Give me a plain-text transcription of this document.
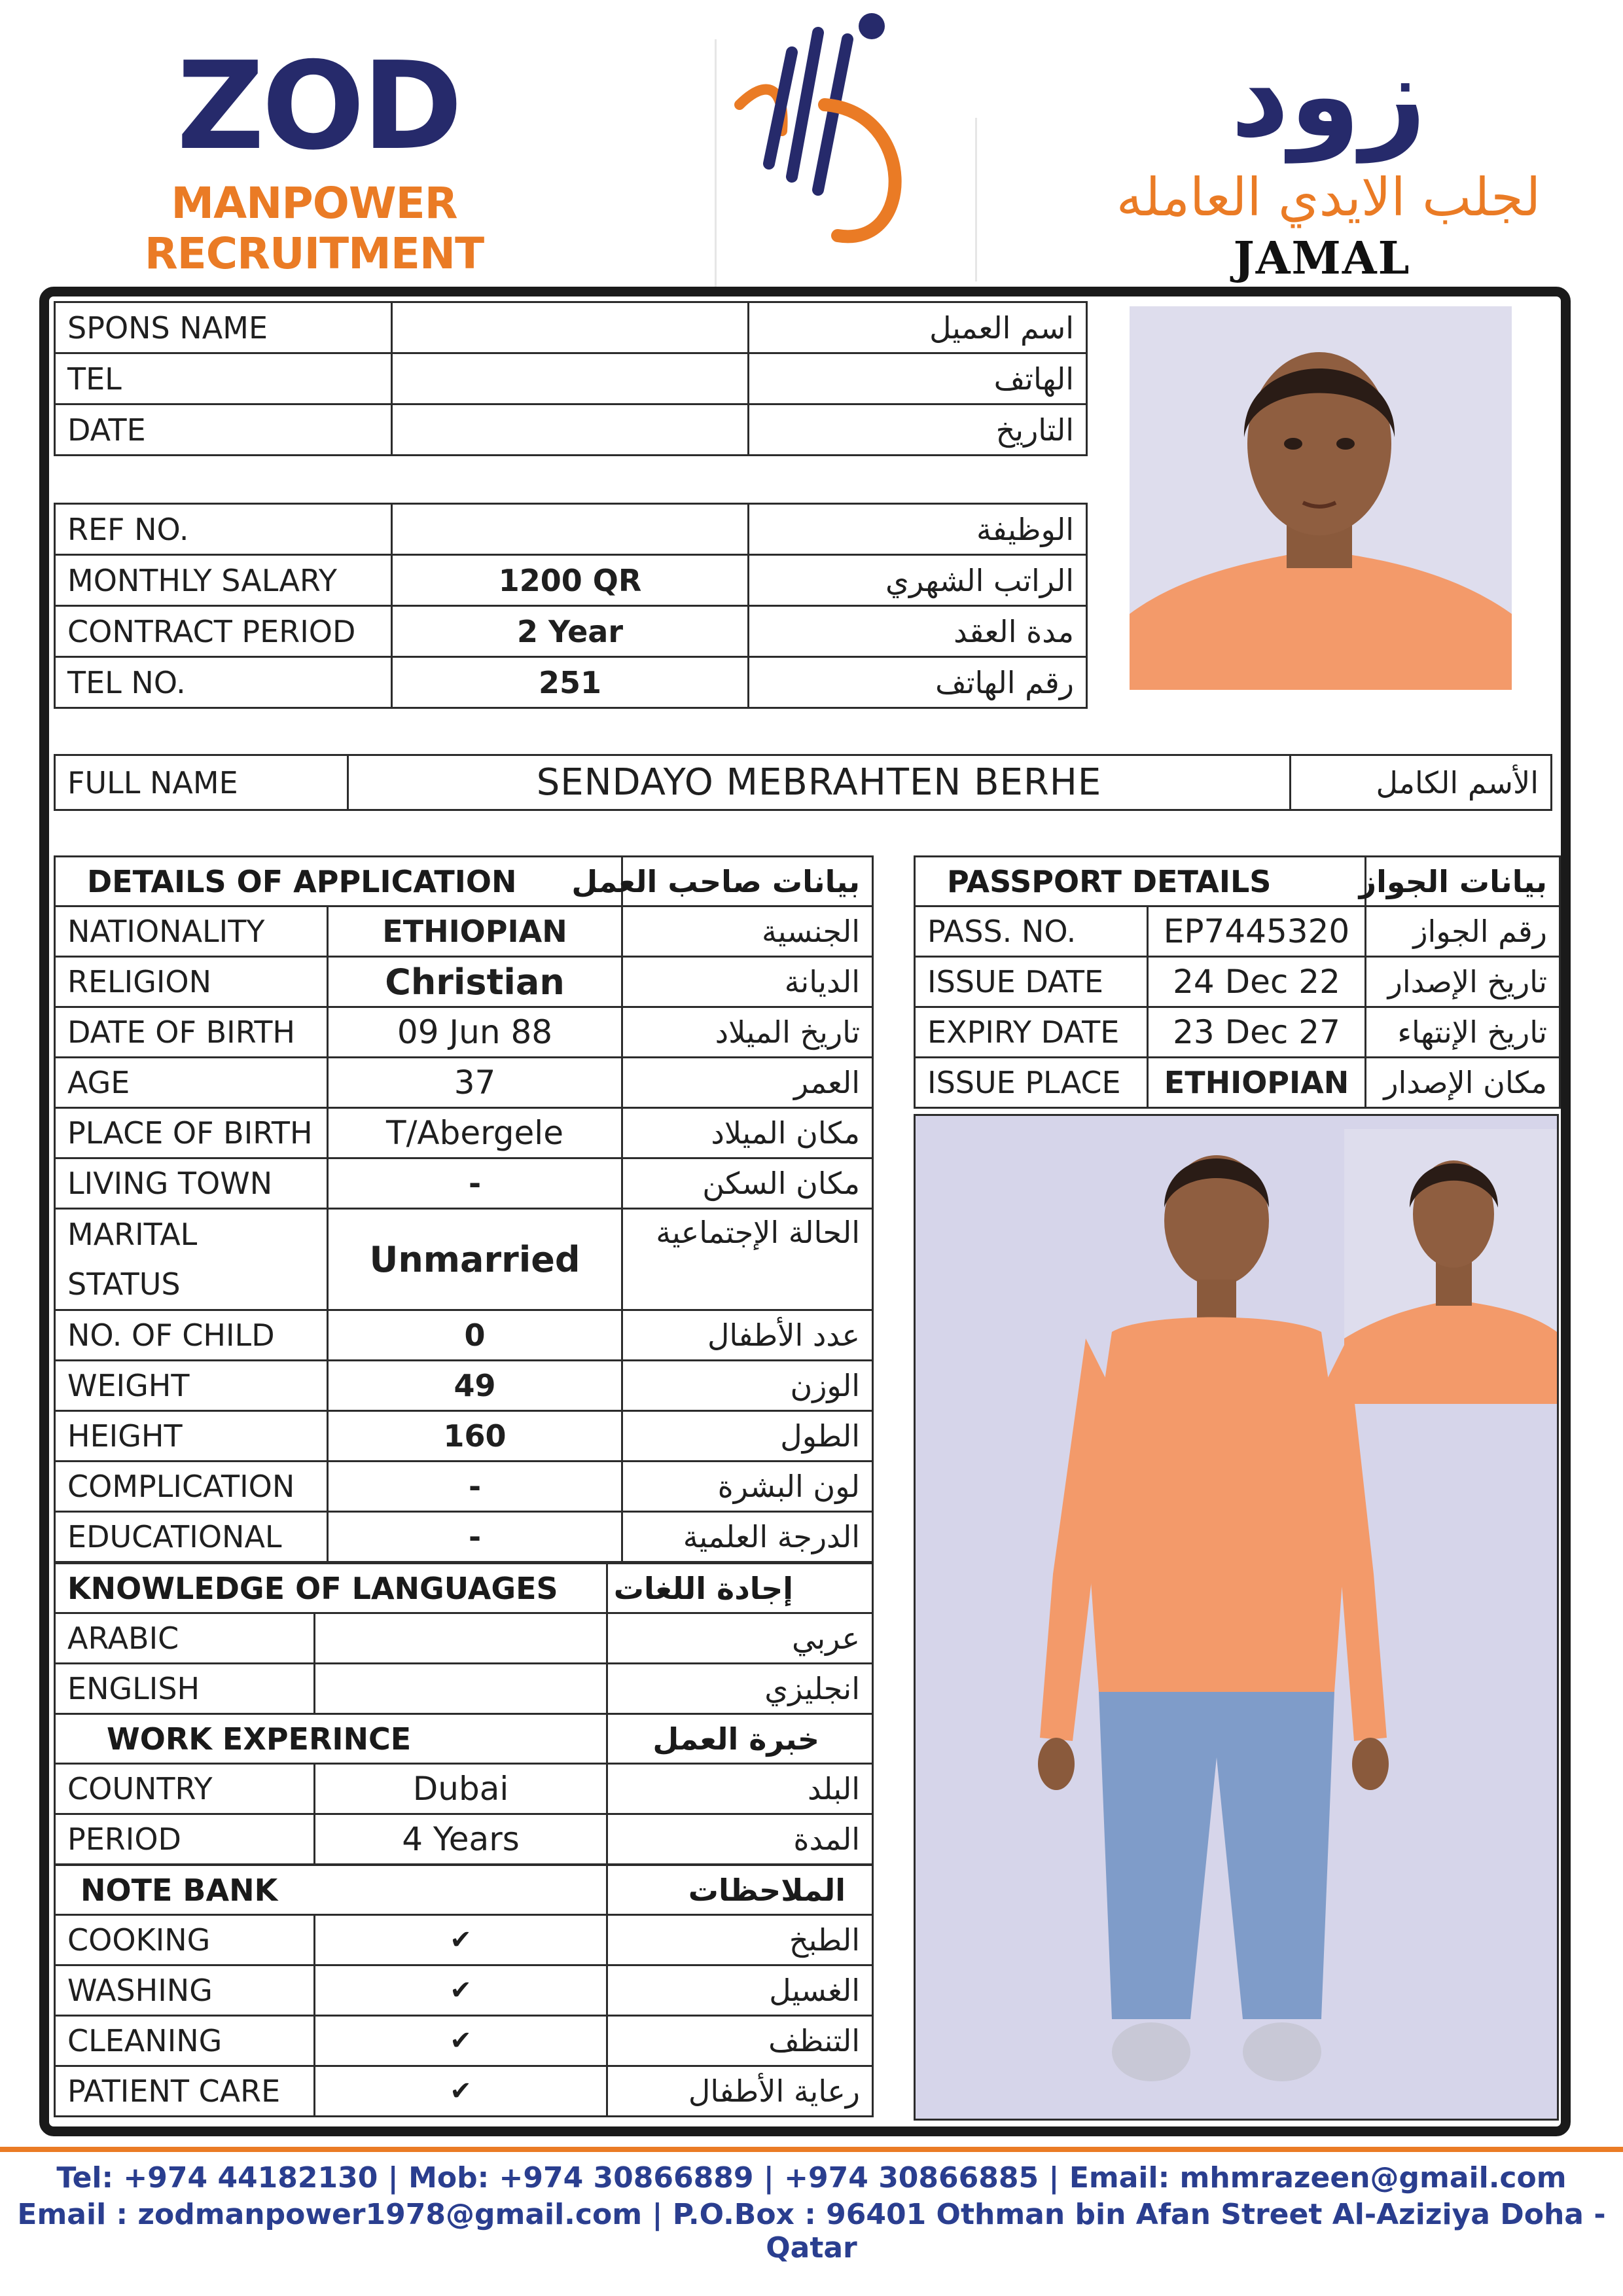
ZOD
MANPOWER RECRUITMENT
زود
لجلب الايدي العامله
JAMAL
SPONS NAME		اسم العميل
TEL		الهاتف
DATE		التاريخ
REF NO.		الوظيفة
MONTHLY SALARY	1200 QR	الراتب الشهري
CONTRACT PERIOD	2 Year	مدة العقد
TEL NO.	251	رقم الهاتف
FULL NAME	SENDAYO MEBRAHTEN BERHE	الأسم الكامل
DETAILS OF APPLICATION		بيانات صاحب العمل
NATIONALITY	ETHIOPIAN	الجنسية
RELIGION	Christian	الديانة
DATE OF BIRTH	09 Jun 88	تاريخ الميلاد
AGE	37	العمر
PLACE OF BIRTH	T/Abergele	مكان الميلاد
LIVING TOWN	-	مكان السكن
MARITAL STATUS	Unmarried	الحالة الإجتماعية
NO. OF CHILD	0	عدد الأطفال
WEIGHT	49	الوزن
HEIGHT	160	الطول
COMPLICATION	-	لون البشرة
EDUCATIONAL	-	الدرجة العلمية
KNOWLEDGE OF LANGUAGES		إجادة اللغات
ARABIC		عربي
ENGLISH		انجليزي
WORK EXPERINCE		خبرة العمل
COUNTRY	Dubai	البلد
PERIOD	4 Years	المدة
NOTE BANK		الملاحظات
COOKING	✔	الطبخ
WASHING	✔	الغسيل
CLEANING	✔	التنظف
PATIENT CARE	✔	رعاية الأطفال
PASSPORT DETAILS		بيانات الجواز
PASS. NO.	EP7445320	رقم الجواز
ISSUE DATE	24 Dec 22	تاريخ الإصدار
EXPIRY DATE	23 Dec 27	تاريخ الإنتهاء
ISSUE PLACE	ETHIOPIAN	مكان الإصدار
Tel: +974 44182130 | Mob: +974 30866889 | +974 30866885 | Email: mhmrazeen@gmail.com
Email : zodmanpower1978@gmail.com | P.O.Box : 96401 Othman bin Afan Street Al-Aziziya Doha - Qatar
